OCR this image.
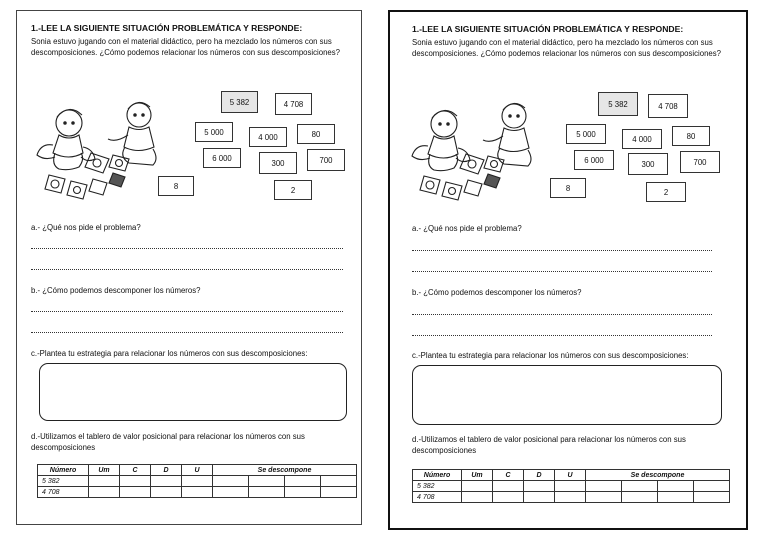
1.-LEE LA SIGUIENTE SITUACIÓN PROBLEMÁTICA Y RESPONDE:
Sonia estuvo jugando con el material didáctico, pero ha mezclado los números con sus descomposiciones. ¿Cómo podemos relacionar los números con sus descomposiciones?
5 382	4 708
5 000
4 000	80
6 000
300	700
8	2
a.- ¿Qué nos pide el problema?
b.- ¿Cómo podemos descomponer los números?
c.-Plantea tu estrategia para relacionar los números con sus descomposiciones:
d.-Utilizamos el tablero de valor posicional para relacionar los números con sus descomposiciones
Número	Um	C	D	U	Se descompone			
5 382								
4 708								
1.-LEE LA SIGUIENTE SITUACIÓN PROBLEMÁTICA Y RESPONDE:
Sonia estuvo jugando con el material didáctico, pero ha mezclado los números con sus descomposiciones. ¿Cómo podemos relacionar los números con sus descomposiciones?
5 382	4 708
5 000
4 000	80
6 000	300	700
8	2
a.- ¿Qué nos pide el problema?
b.- ¿Cómo podemos descomponer los números?
c.-Plantea tu estrategia para relacionar los números con sus descomposiciones:
d.-Utilizamos el tablero de valor posicional para relacionar los números con sus descomposiciones
Número	Um	C	D	U	Se descompone			
5 382								
4 708								
